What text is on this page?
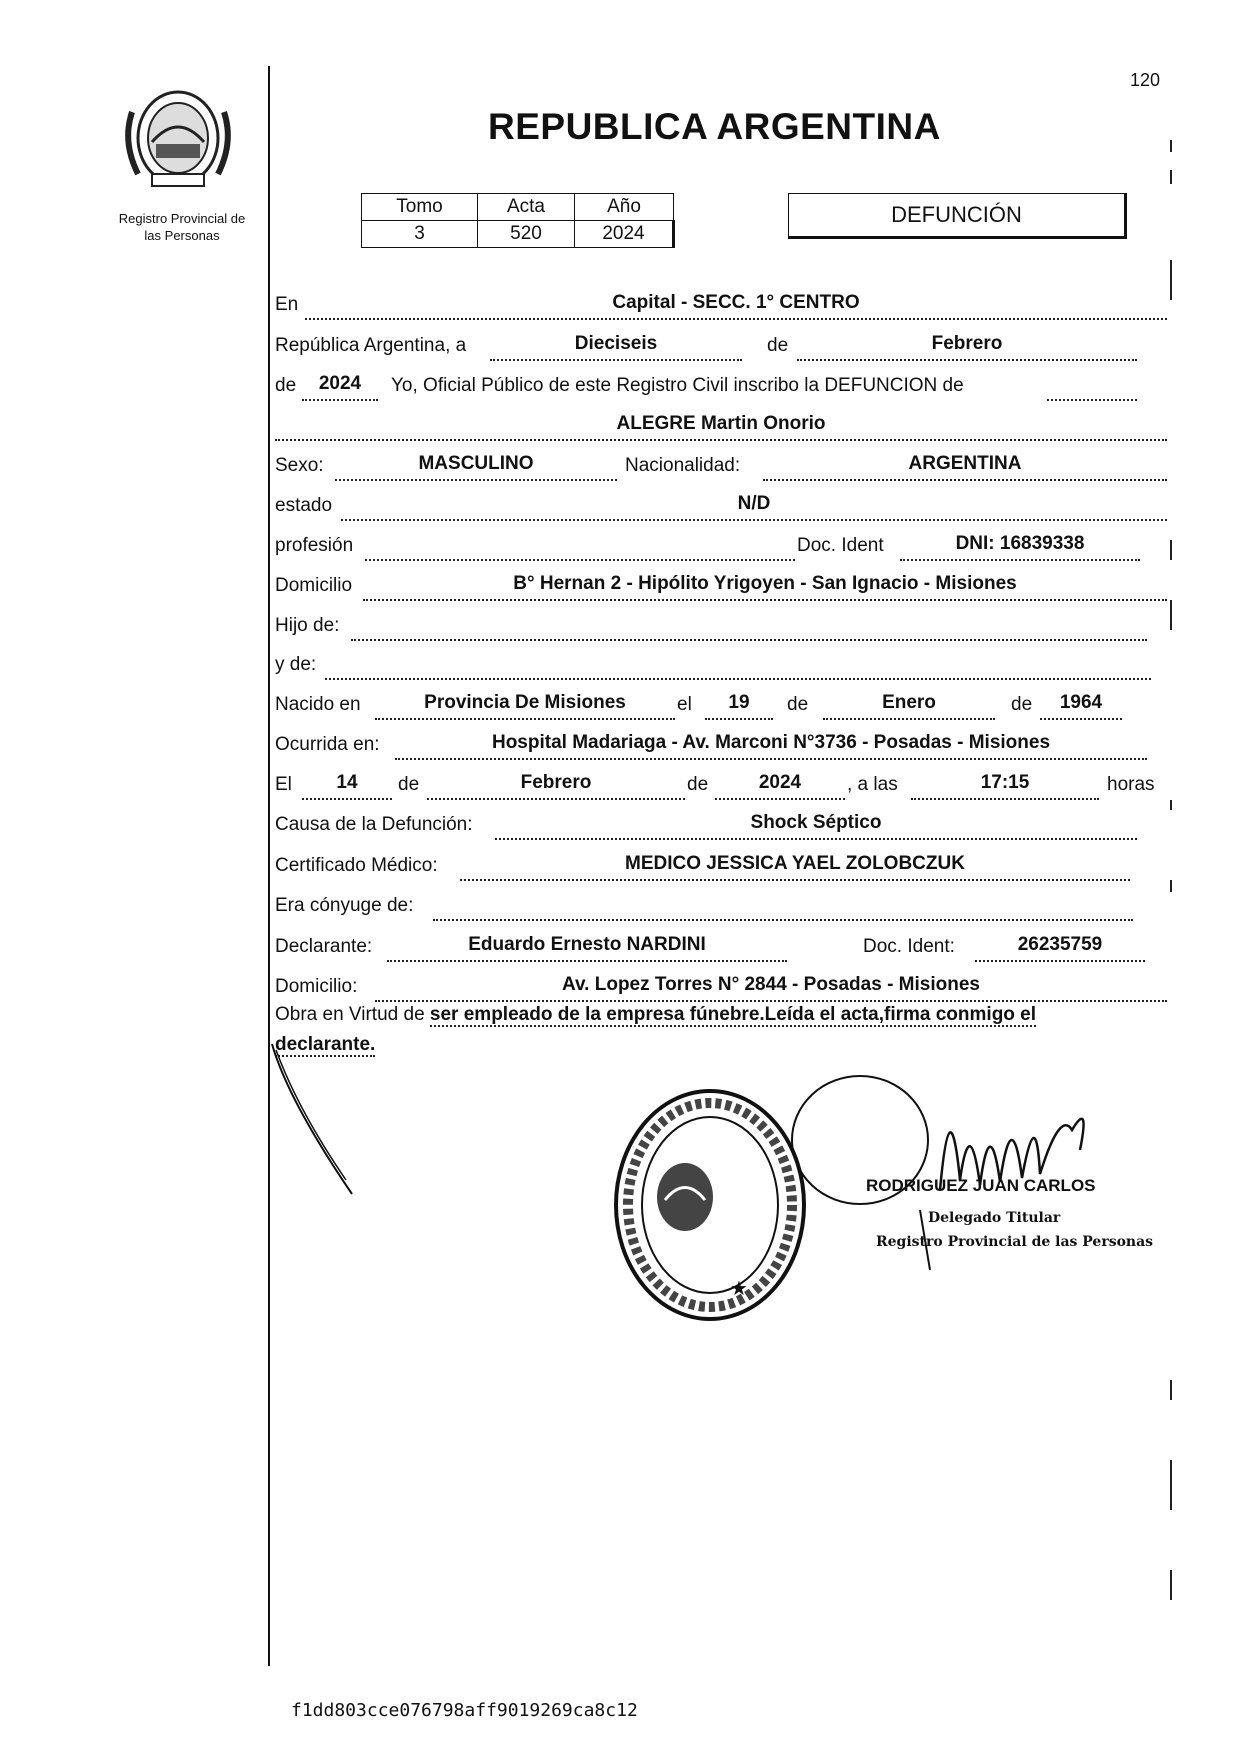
Registro Provincial de
las Personas
120
REPUBLICA ARGENTINA
Tomo	Acta	Año
3	520	2024
DEFUNCIÓN
En	Capital - SECC. 1° CENTRO
República Argentina, a	Dieciseis	de	Febrero
de	2024	Yo, Oficial Público de este Registro Civil inscribo la DEFUNCION de
ALEGRE Martin Onorio
Sexo:	MASCULINO	Nacionalidad:	ARGENTINA
estado	N/D
profesión	Doc. Ident	DNI: 16839338
Domicilio	B° Hernan 2 - Hipólito Yrigoyen - San Ignacio - Misiones
Hijo de:
y de:
Nacido en	Provincia De Misiones	el	19	de	Enero	de	1964
Ocurrida en:	Hospital Madariaga - Av. Marconi N°3736 - Posadas - Misiones
El	14	de	Febrero	de	2024	, a las	17:15	horas
Causa de la Defunción:	Shock Séptico
Certificado Médico:	MEDICO JESSICA YAEL ZOLOBCZUK
Era cónyuge de:
Declarante:	Eduardo Ernesto NARDINI	Doc. Ident:	26235759
Domicilio:	Av. Lopez Torres N° 2844 - Posadas - Misiones
Obra en Virtud de ser empleado de la empresa fúnebre.Leída el acta,firma conmigo el
declarante.
★
RODRIGUEZ JUAN CARLOS
Delegado Titular
Registro Provincial de las Personas
f1dd803cce076798aff9019269ca8c12
